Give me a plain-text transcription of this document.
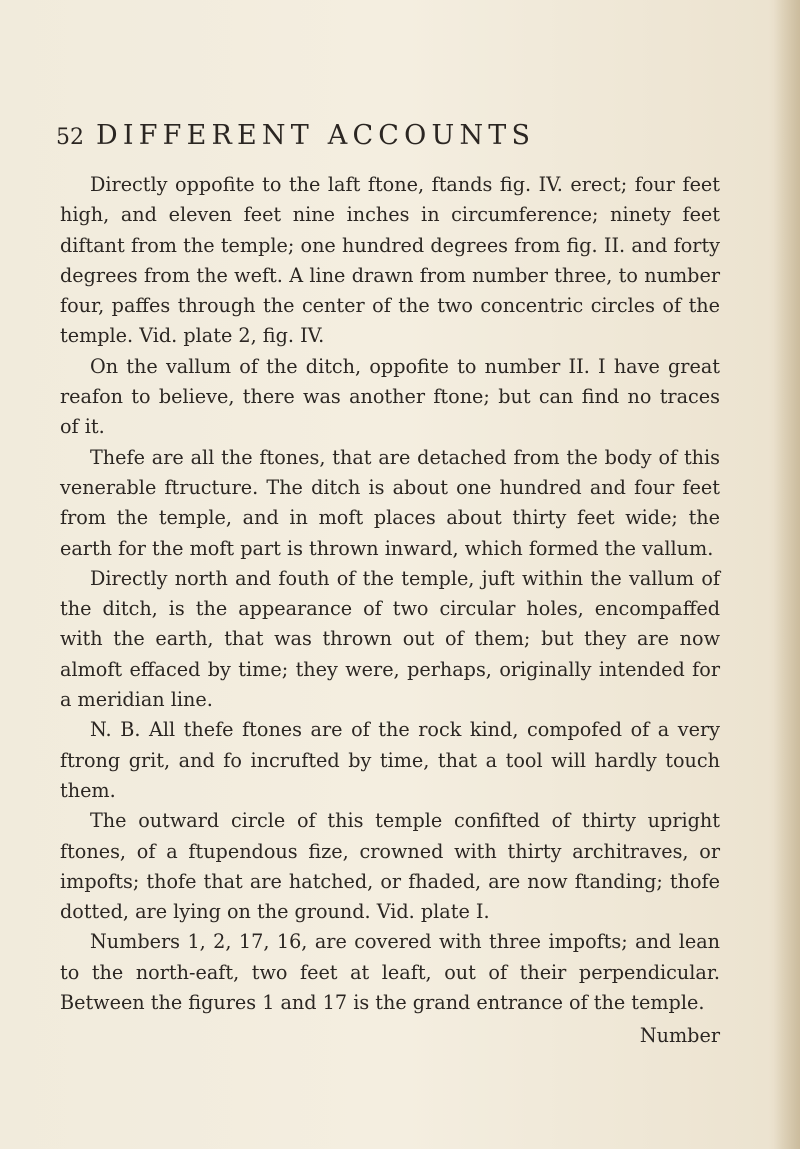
52 DIFFERENT ACCOUNTS

Directly oppofite to the laft ftone, ftands fig. IV. erect; four feet high, and eleven feet nine inches in circumference; ninety feet diftant from the temple; one hundred degrees from fig. II. and forty degrees from the weft. A line drawn from number three, to number four, paffes through the center of the two concentric circles of the temple. Vid. plate 2, fig. IV.

On the vallum of the ditch, oppofite to number II. I have great reafon to believe, there was another ftone; but can find no traces of it.

Thefe are all the ftones, that are detached from the body of this venerable ftructure. The ditch is about one hundred and four feet from the temple, and in moft places about thirty feet wide; the earth for the moft part is thrown inward, which formed the vallum.

Directly north and fouth of the temple, juft within the vallum of the ditch, is the appearance of two circular holes, encompaffed with the earth, that was thrown out of them; but they are now almoft effaced by time; they were, perhaps, originally intended for a meridian line.

N. B. All thefe ftones are of the rock kind, compofed of a very ftrong grit, and fo incrufted by time, that a tool will hardly touch them.

The outward circle of this temple confifted of thirty upright ftones, of a ftupendous fize, crowned with thirty architraves, or impofts; thofe that are hatched, or fhaded, are now ftanding; thofe dotted, are lying on the ground. Vid. plate I.

Numbers 1, 2, 17, 16, are covered with three impofts; and lean to the north-eaft, two feet at leaft, out of their perpendicular. Between the figures 1 and 17 is the grand entrance of the temple.

Number
